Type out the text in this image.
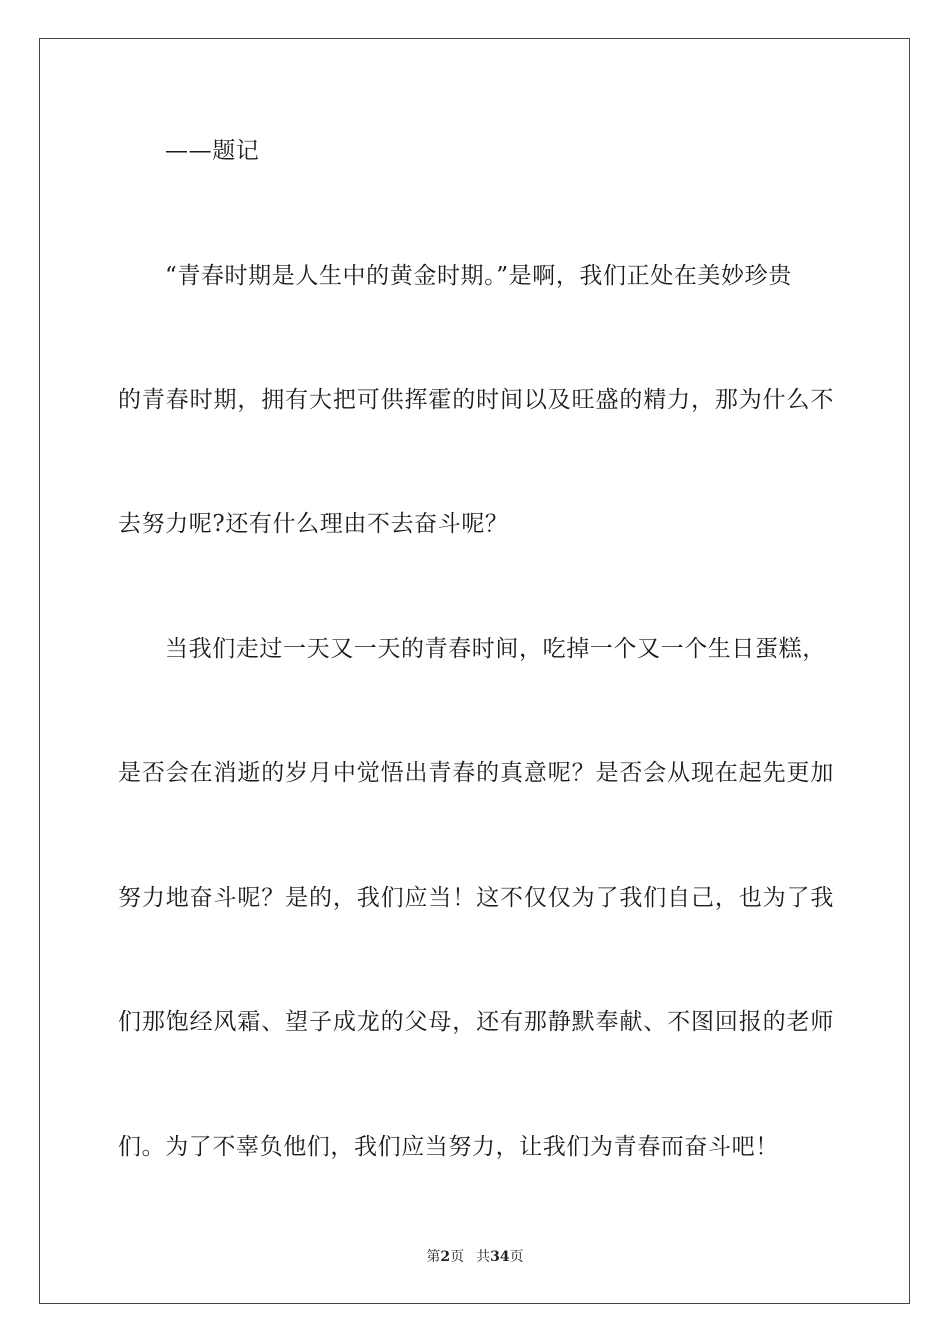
——题记
“青春时期是人生中的黄金时期。”是啊，我们正处在美妙珍贵
的青春时期，拥有大把可供挥霍的时间以及旺盛的精力，那为什么不
去努力呢?还有什么理由不去奋斗呢？
当我们走过一天又一天的青春时间，吃掉一个又一个生日蛋糕，
是否会在消逝的岁月中觉悟出青春的真意呢？是否会从现在起先更加
努力地奋斗呢？是的，我们应当！这不仅仅为了我们自己，也为了我
们那饱经风霜、望子成龙的父母，还有那静默奉献、不图回报的老师
们。为了不辜负他们，我们应当努力，让我们为青春而奋斗吧！
第2页 共34页
